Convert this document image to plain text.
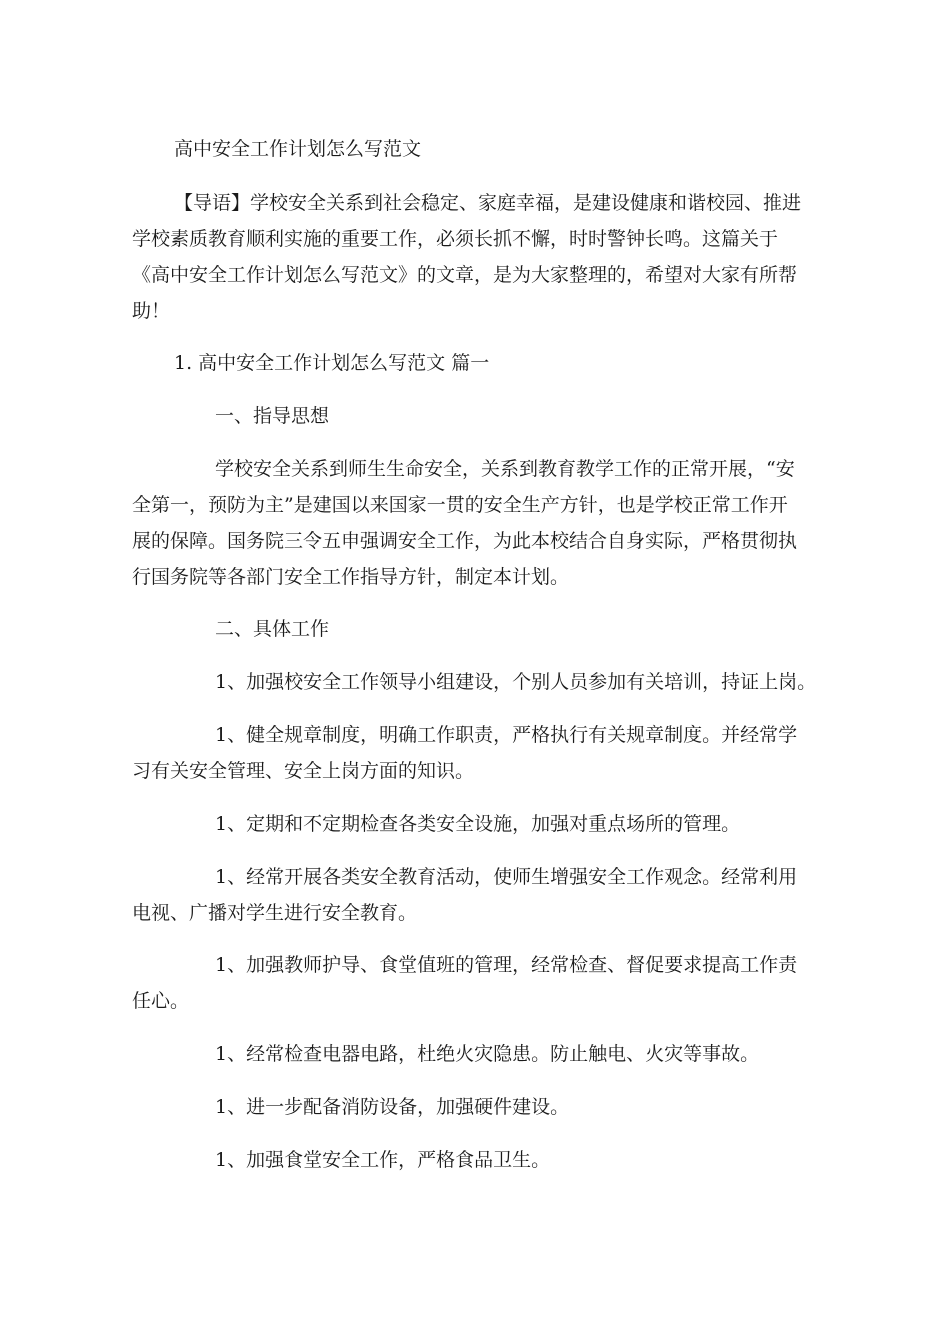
高中安全工作计划怎么写范文
【导语】学校安全关系到社会稳定、家庭幸福，是建设健康和谐校园、推进
学校素质教育顺利实施的重要工作，必须长抓不懈，时时警钟长鸣。这篇关于
《高中安全工作计划怎么写范文》的文章，是为大家整理的，希望对大家有所帮
助！
1. 高中安全工作计划怎么写范文 篇一
一、指导思想
学校安全关系到师生生命安全，关系到教育教学工作的正常开展，“安
全第一，预防为主”是建国以来国家一贯的安全生产方针，也是学校正常工作开
展的保障。国务院三令五申强调安全工作，为此本校结合自身实际，严格贯彻执
行国务院等各部门安全工作指导方针，制定本计划。
二、具体工作
1、加强校安全工作领导小组建设，个别人员参加有关培训，持证上岗。
1、健全规章制度，明确工作职责，严格执行有关规章制度。并经常学
习有关安全管理、安全上岗方面的知识。
1、定期和不定期检查各类安全设施，加强对重点场所的管理。
1、经常开展各类安全教育活动，使师生增强安全工作观念。经常利用
电视、广播对学生进行安全教育。
1、加强教师护导、食堂值班的管理，经常检查、督促要求提高工作责
任心。
1、经常检查电器电路，杜绝火灾隐患。防止触电、火灾等事故。
1、进一步配备消防设备，加强硬件建设。
1、加强食堂安全工作，严格食品卫生。
